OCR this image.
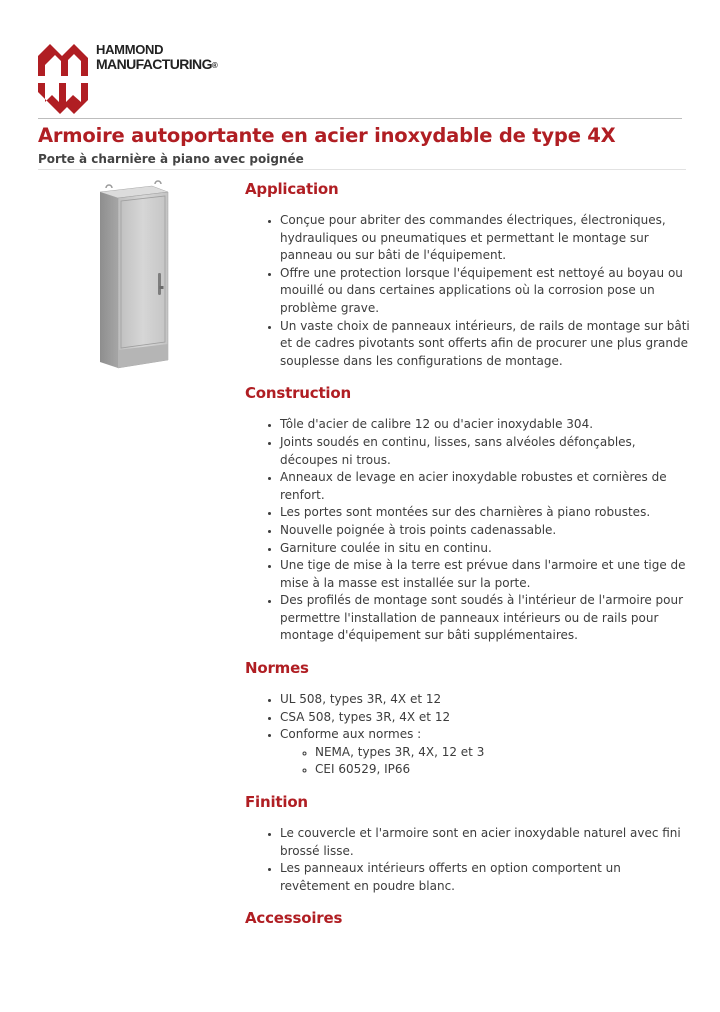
HAMMOND
MANUFACTURING®
Armoire autoportante en acier inoxydable de type 4X
Porte à charnière à piano avec poignée
Application
• Conçue pour abriter des commandes électriques, électroniques, hydrauliques ou pneumatiques et permettant le montage sur panneau ou sur bâti de l'équipement.
• Offre une protection lorsque l'équipement est nettoyé au boyau ou mouillé ou dans certaines applications où la corrosion pose un problème grave.
• Un vaste choix de panneaux intérieurs, de rails de montage sur bâti et de cadres pivotants sont offerts afin de procurer une plus grande souplesse dans les configurations de montage.
Construction
• Tôle d'acier de calibre 12 ou d'acier inoxydable 304.
• Joints soudés en continu, lisses, sans alvéoles défonçables, découpes ni trous.
• Anneaux de levage en acier inoxydable robustes et cornières de renfort.
• Les portes sont montées sur des charnières à piano robustes.
• Nouvelle poignée à trois points cadenassable.
• Garniture coulée in situ en continu.
• Une tige de mise à la terre est prévue dans l'armoire et une tige de mise à la masse est installée sur la porte.
• Des profilés de montage sont soudés à l'intérieur de l'armoire pour permettre l'installation de panneaux intérieurs ou de rails pour montage d'équipement sur bâti supplémentaires.
Normes
• UL 508, types 3R, 4X et 12
• CSA 508, types 3R, 4X et 12
• Conforme aux normes :
◦ NEMA, types 3R, 4X, 12 et 3
◦ CEI 60529, IP66
Finition
• Le couvercle et l'armoire sont en acier inoxydable naturel avec fini brossé lisse.
• Les panneaux intérieurs offerts en option comportent un revêtement en poudre blanc.
Accessoires
